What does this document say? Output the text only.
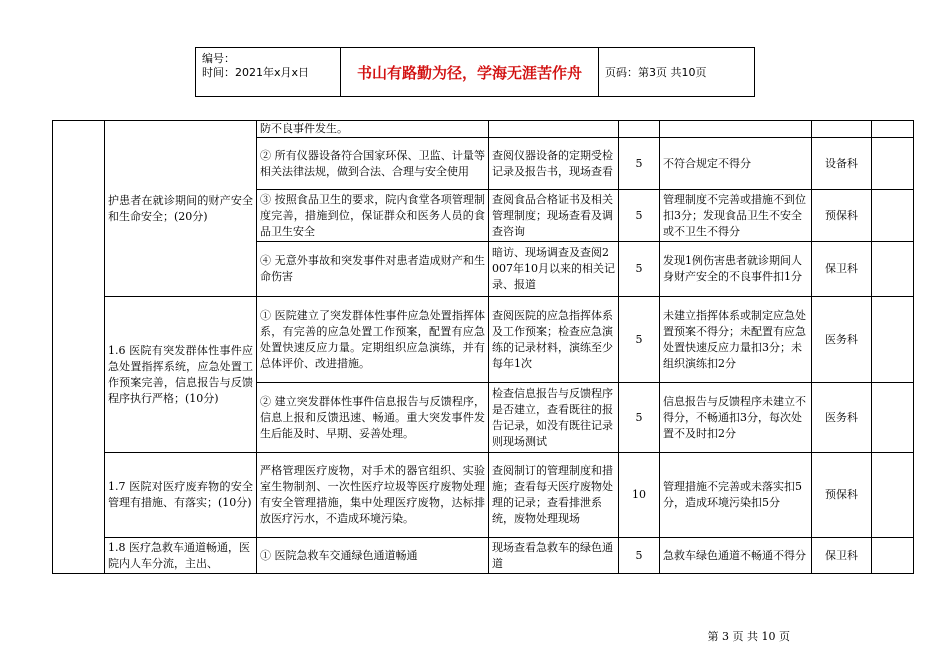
编号：
时间：2021年x月x日	书山有路勤为径，学海无涯苦作舟	页码：第3页 共10页
	护患者在就诊期间的财产安全和生命安全；(20分)	防不良事件发生。					
		② 所有仪器设备符合国家环保、卫监、计量等相关法律法规，做到合法、合理与安全使用	查阅仪器设备的定期受检记录及报告书，现场查看	5	不符合规定不得分	设备科	
		③ 按照食品卫生的要求，院内食堂各项管理制度完善，措施到位，保证群众和医务人员的食品卫生安全	查阅食品合格证书及相关管理制度；现场查看及调查咨询	5	管理制度不完善或措施不到位扣3分；发现食品卫生不安全或不卫生不得分	预保科	
		④ 无意外事故和突发事件对患者造成财产和生命伤害	暗访、现场调查及查阅2007年10月以来的相关记录、报道	5	发现1例伤害患者就诊期间人身财产安全的不良事件扣1分	保卫科	
	1.6 医院有突发群体性事件应急处置指挥系统，应急处置工作预案完善，信息报告与反馈程序执行严格；(10分)	① 医院建立了突发群体性事件应急处置指挥体系，有完善的应急处置工作预案，配置有应急处置快速反应力量。定期组织应急演练，并有总体评价、改进措施。	查阅医院的应急指挥体系及工作预案；检查应急演练的记录材料，演练至少每年1次	5	未建立指挥体系或制定应急处置预案不得分；未配置有应急处置快速反应力量扣3分；未组织演练扣2分	医务科	
		② 建立突发群体性事件信息报告与反馈程序，信息上报和反馈迅速、畅通。重大突发事件发生后能及时、早期、妥善处理。	检查信息报告与反馈程序是否建立，查看既往的报告记录，如没有既往记录则现场测试	5	信息报告与反馈程序未建立不得分，不畅通扣3分，每次处置不及时扣2分	医务科	
	1.7 医院对医疗废弃物的安全管理有措施、有落实；(10分)	严格管理医疗废物，对手术的器官组织、实验室生物制剂、一次性医疗垃圾等医疗废物处理有安全管理措施，集中处理医疗废物，达标排放医疗污水，不造成环境污染。	查阅制订的管理制度和措施；查看每天医疗废物处理的记录；查看排泄系统，废物处理现场	10	管理措施不完善或未落实扣5分，造成环境污染扣5分	预保科	
	1.8 医疗急救车通道畅通，医院内人车分流，主出、	① 医院急救车交通绿色通道畅通	现场查看急救车的绿色通道	5	急救车绿色通道不畅通不得分	保卫科	
第 3 页 共 10 页
